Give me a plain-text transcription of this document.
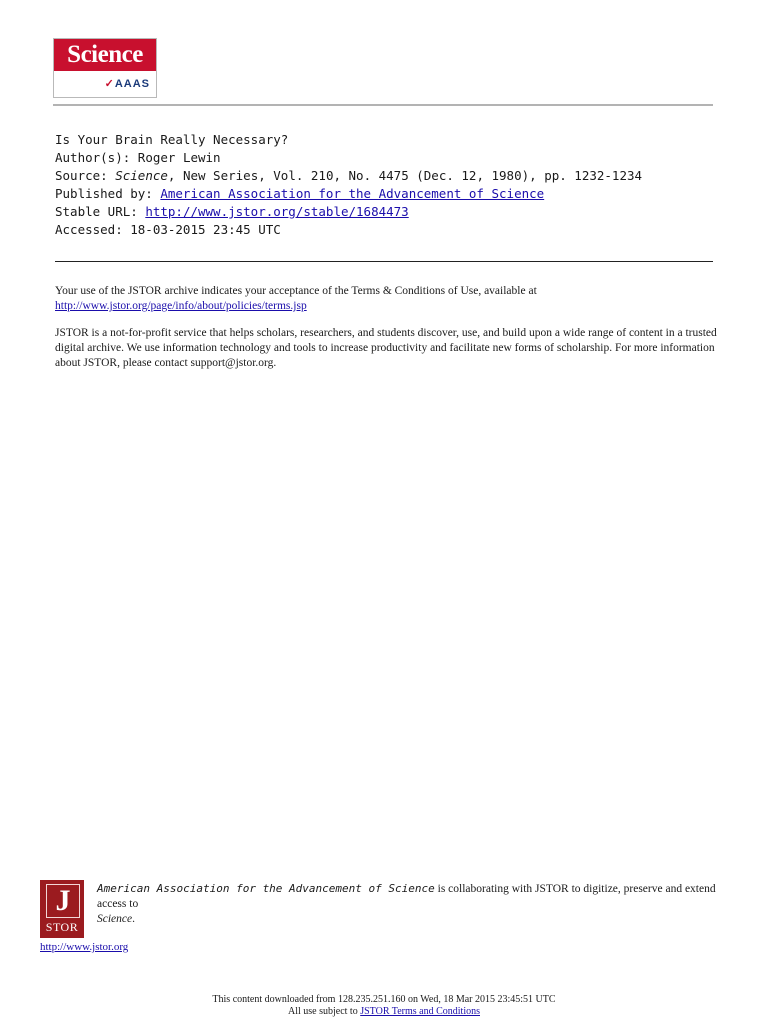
Science
✓AAAS
Is Your Brain Really Necessary?
Author(s): Roger Lewin
Source: Science, New Series, Vol. 210, No. 4475 (Dec. 12, 1980), pp. 1232-1234
Published by: American Association for the Advancement of Science
Stable URL: http://www.jstor.org/stable/1684473
Accessed: 18-03-2015 23:45 UTC

Your use of the JSTOR archive indicates your acceptance of the Terms & Conditions of Use, available at
http://www.jstor.org/page/info/about/policies/terms.jsp

JSTOR is a not-for-profit service that helps scholars, researchers, and students discover, use, and build upon a wide range of content in a trusted digital archive. We use information technology and tools to increase productivity and facilitate new forms of scholarship. For more information about JSTOR, please contact support@jstor.org.

J
STOR
http://www.jstor.org
American Association for the Advancement of Science is collaborating with JSTOR to digitize, preserve and extend access to
Science.
This content downloaded from 128.235.251.160 on Wed, 18 Mar 2015 23:45:51 UTC
All use subject to JSTOR Terms and Conditions
